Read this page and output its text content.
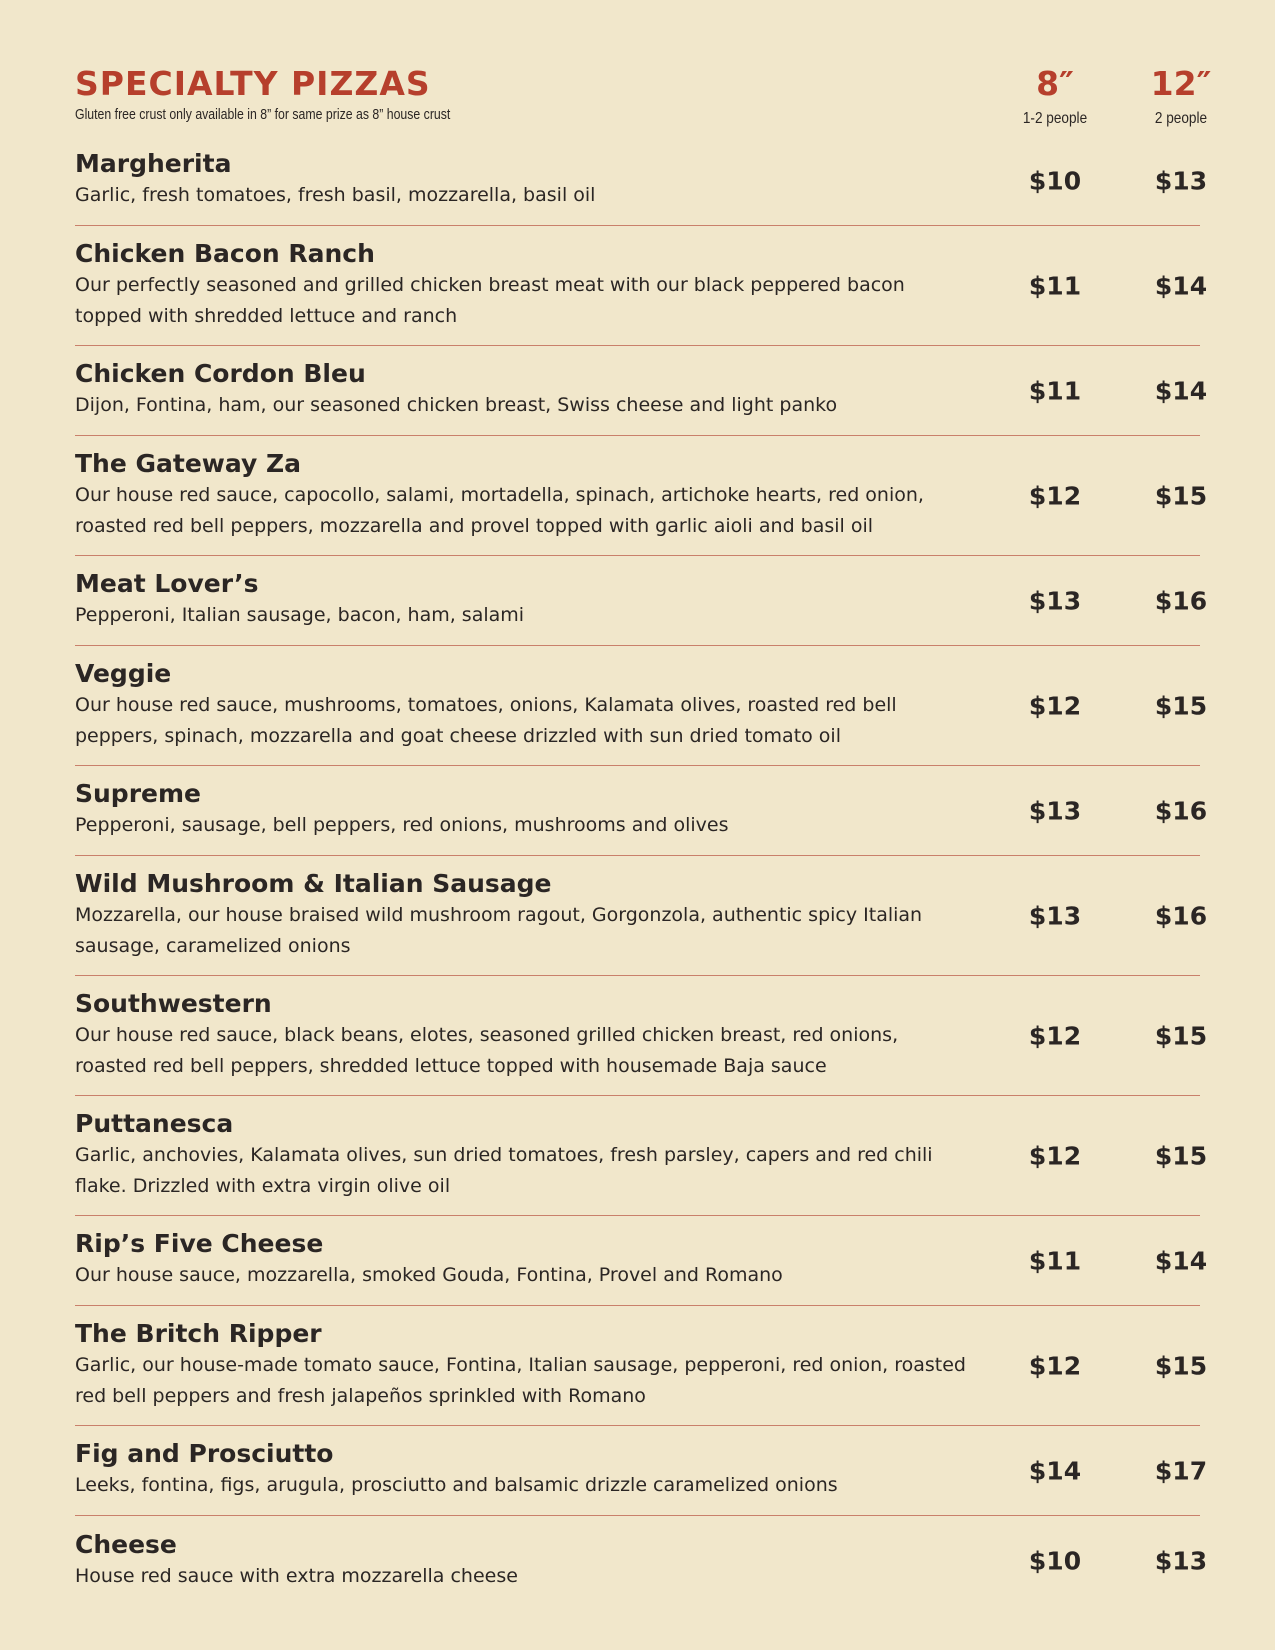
SPECIALTY PIZZAS
Gluten free crust only available in 8” for same prize as 8” house crust
8″
1-2 people
12″
2 people
Margherita
Garlic, fresh tomatoes, fresh basil, mozzarella, basil oil	$10	$13
Chicken Bacon Ranch
Our perfectly seasoned and grilled chicken breast meat with our black peppered bacon topped with shredded lettuce and ranch
$11	$14
Chicken Cordon Bleu
Dijon, Fontina, ham, our seasoned chicken breast, Swiss cheese and light panko	$11	$14
The Gateway Za
Our house red sauce, capocollo, salami, mortadella, spinach, artichoke hearts, red onion, roasted red bell peppers, mozzarella and provel topped with garlic aioli and basil oil
$12	$15
Meat Lover’s
Pepperoni, Italian sausage, bacon, ham, salami	$13	$16
Veggie
Our house red sauce, mushrooms, tomatoes, onions, Kalamata olives, roasted red bell peppers, spinach, mozzarella and goat cheese drizzled with sun dried tomato oil
$12	$15
Supreme
Pepperoni, sausage, bell peppers, red onions, mushrooms and olives	$13	$16
Wild Mushroom & Italian Sausage
Mozzarella, our house braised wild mushroom ragout, Gorgonzola, authentic spicy Italian sausage, caramelized onions
$13	$16
Southwestern
Our house red sauce, black beans, elotes, seasoned grilled chicken breast, red onions, roasted red bell peppers, shredded lettuce topped with housemade Baja sauce
$12	$15
Puttanesca
Garlic, anchovies, Kalamata olives, sun dried tomatoes, fresh parsley, capers and red chili flake. Drizzled with extra virgin olive oil
$12	$15
Rip’s Five Cheese
Our house sauce, mozzarella, smoked Gouda, Fontina, Provel and Romano	$11	$14
The Britch Ripper
Garlic, our house-made tomato sauce, Fontina, Italian sausage, pepperoni, red onion, roasted red bell peppers and fresh jalapeños sprinkled with Romano
$12	$15
Fig and Prosciutto
Leeks, fontina, figs, arugula, prosciutto and balsamic drizzle caramelized onions	$14	$17
Cheese
House red sauce with extra mozzarella cheese	$10	$13
